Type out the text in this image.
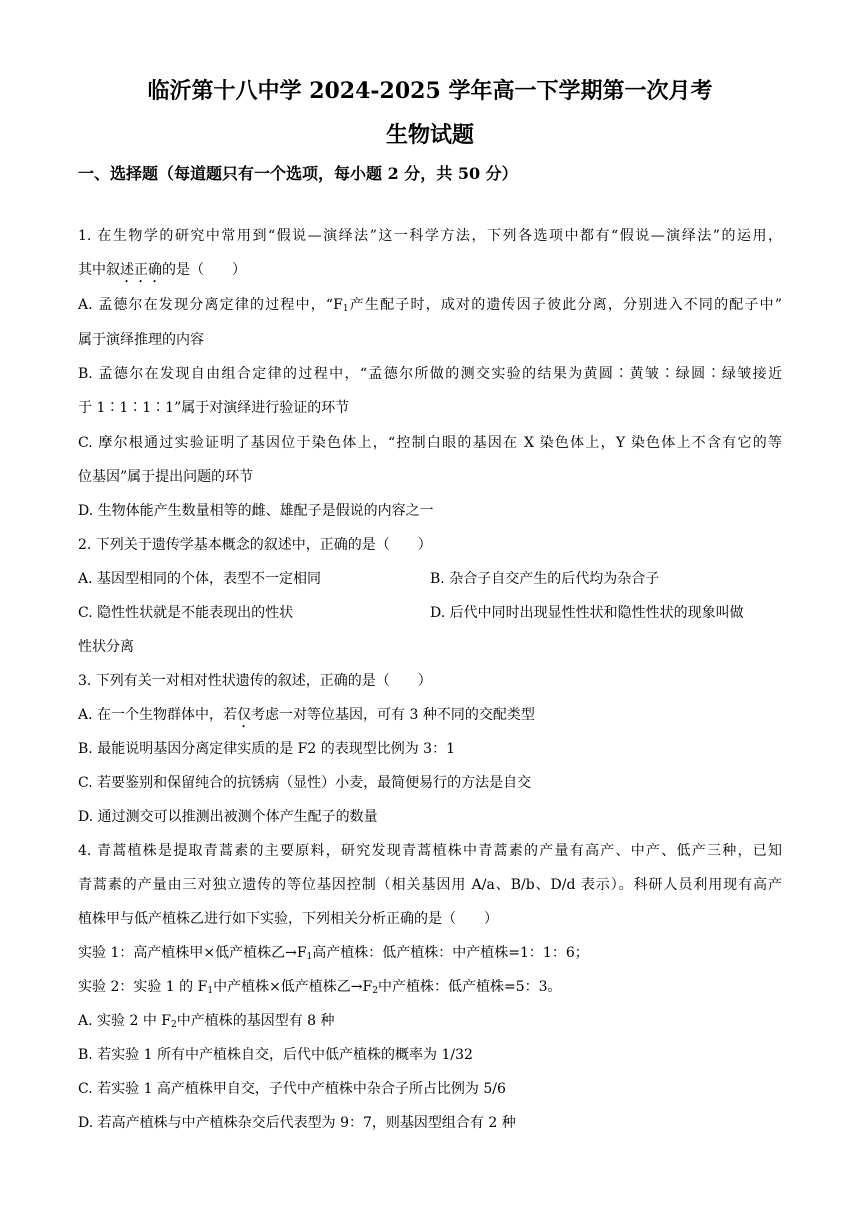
临沂第十八中学 2024-2025 学年高一下学期第一次月考
生物试题
一、选择题（每道题只有一个选项，每小题 2 分，共 50 分）
1. 在生物学的研究中常用到“假说—演绎法”这一科学方法，下列各选项中都有“假说—演绎法”的运用，
其中叙述正确的是（　　）
A. 孟德尔在发现分离定律的过程中，“$F_1$产生配子时，成对的遗传因子彼此分离，分别进入不同的配子中”
属于演绎推理的内容
B. 孟德尔在发现自由组合定律的过程中，“孟德尔所做的测交实验的结果为黄圆∶黄皱∶绿圆∶绿皱接近
于 1∶1∶1∶1”属于对演绎进行验证的环节
C. 摩尔根通过实验证明了基因位于染色体上，“控制白眼的基因在 X 染色体上，Y 染色体上不含有它的等
位基因”属于提出问题的环节
D. 生物体能产生数量相等的雌、雄配子是假说的内容之一
2. 下列关于遗传学基本概念的叙述中，正确的是（　　）
A. 基因型相同的个体，表型不一定相同	B. 杂合子自交产生的后代均为杂合子
C. 隐性性状就是不能表现出的性状	D. 后代中同时出现显性性状和隐性性状的现象叫做
性状分离
3. 下列有关一对相对性状遗传的叙述，正确的是（　　）
A. 在一个生物群体中，若仅考虑一对等位基因，可有 3 种不同的交配类型
B. 最能说明基因分离定律实质的是 F2 的表现型比例为 3：1
C. 若要鉴别和保留纯合的抗锈病（显性）小麦，最简便易行的方法是自交
D. 通过测交可以推测出被测个体产生配子的数量
4. 青蒿植株是提取青蒿素的主要原料，研究发现青蒿植株中青蒿素的产量有高产、中产、低产三种，已知
青蒿素的产量由三对独立遗传的等位基因控制（相关基因用 A/a、B/b、D/d 表示）。科研人员利用现有高产
植株甲与低产植株乙进行如下实验，下列相关分析正确的是（　　）
实验 1：高产植株甲×低产植株乙$\to F_1$高产植株：低产植株：中产植株=1：1：6；
实验 2：实验 1 的 $F_1$中产植株×低产植株乙$\to F_2$中产植株：低产植株=5：3。
A. 实验 2 中 $F_2$中产植株的基因型有 8 种
B. 若实验 1 所有中产植株自交，后代中低产植株的概率为 1/32
C. 若实验 1 高产植株甲自交，子代中产植株中杂合子所占比例为 5/6
D. 若高产植株与中产植株杂交后代表型为 9：7，则基因型组合有 2 种
